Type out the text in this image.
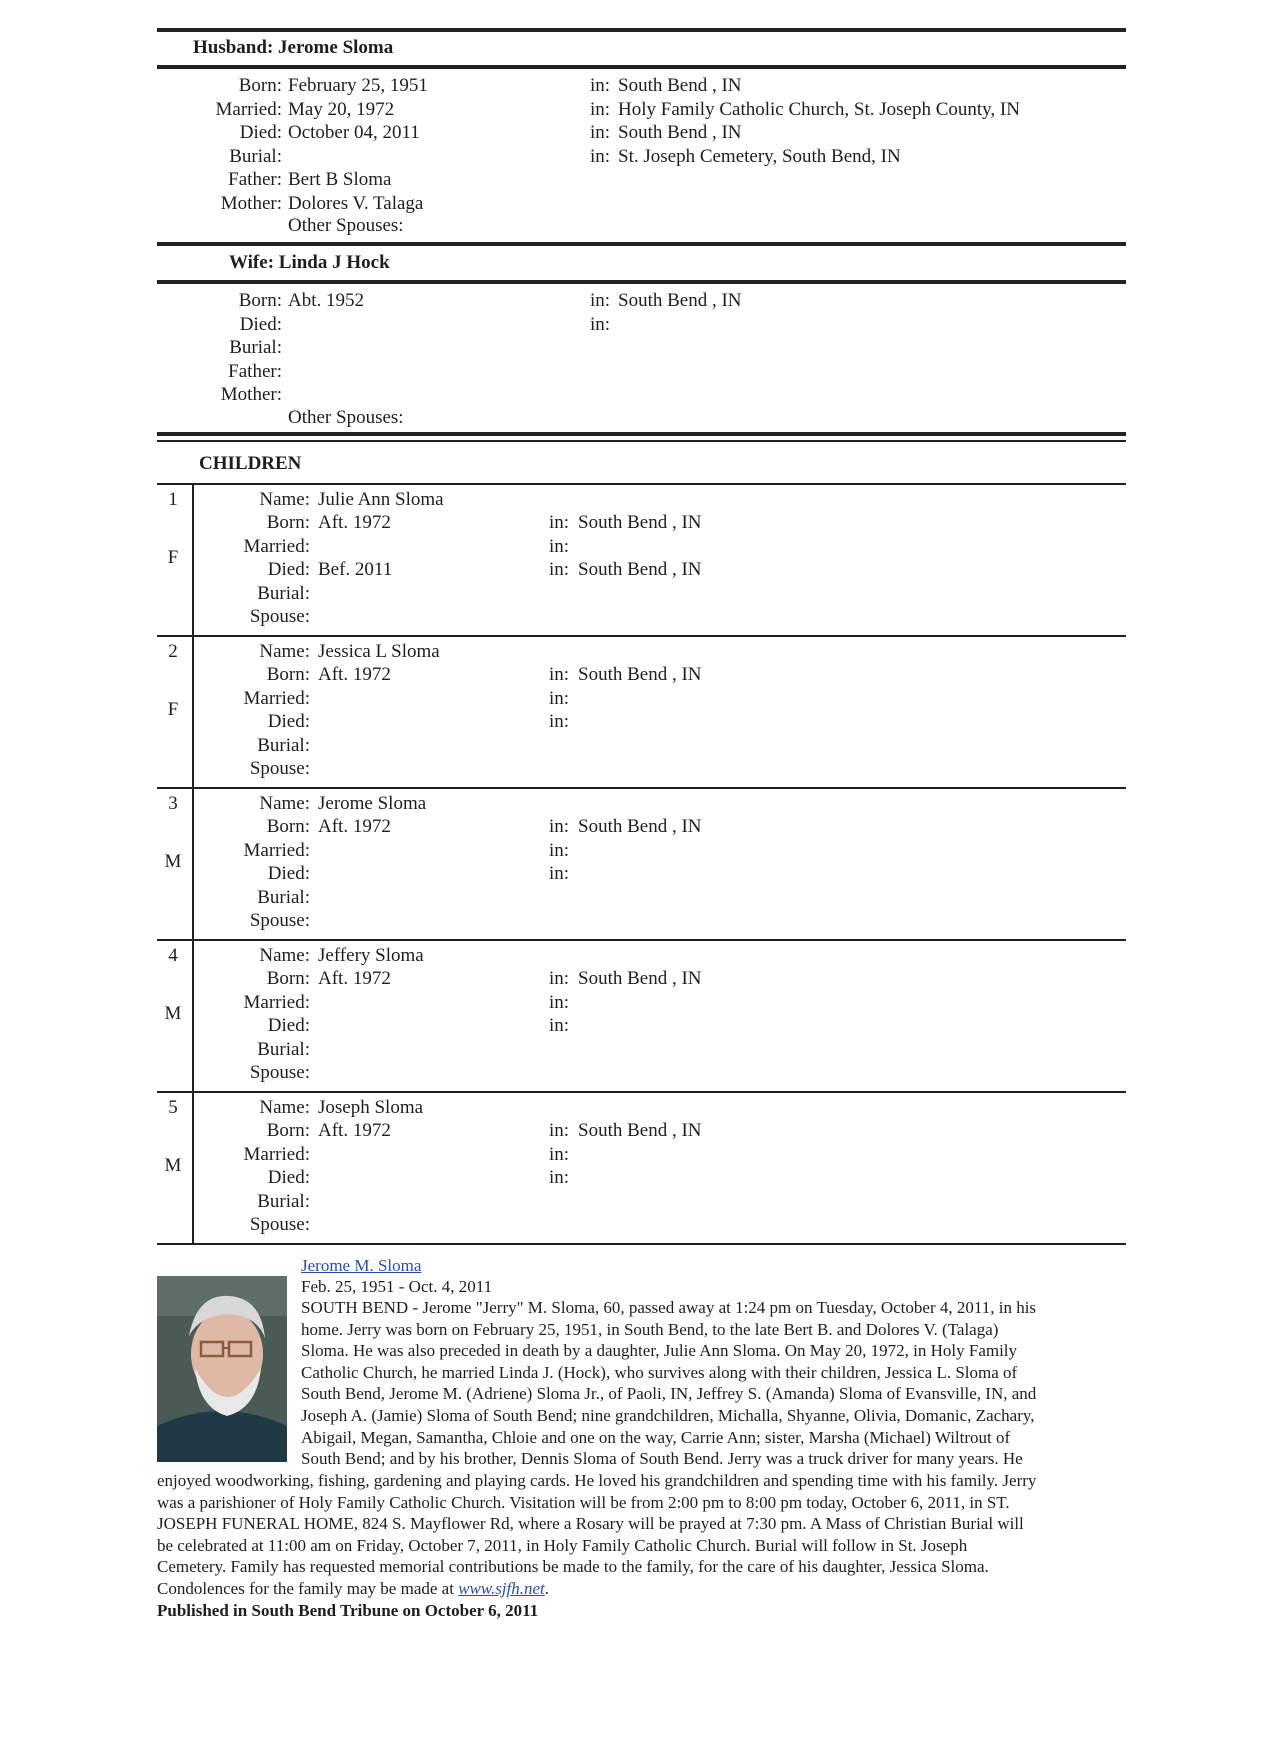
Husband: Jerome Sloma
Born: February 25, 1951	in: South Bend , IN
Married: May 20, 1972	in: Holy Family Catholic Church, St. Joseph County, IN
Died: October 04, 2011	in: South Bend , IN
Burial:	in: St. Joseph Cemetery, South Bend, IN
Father: Bert B Sloma
Mother: Dolores V. Talaga
Other Spouses:
Wife: Linda J Hock
Born: Abt. 1952	in: South Bend , IN
Died:	in:
Burial:
Father:
Mother:
Other Spouses:
CHILDREN
1
F
Name: Julie Ann Sloma
Born: Aft. 1972	in: South Bend , IN
Married:	in:
Died: Bef. 2011	in: South Bend , IN
Burial:
Spouse:
2
F
Name: Jessica L Sloma
Born: Aft. 1972	in: South Bend , IN
Married:	in:
Died:	in:
Burial:
Spouse:
3
M
Name: Jerome Sloma
Born: Aft. 1972	in: South Bend , IN
Married:	in:
Died:	in:
Burial:
Spouse:
4
M
Name: Jeffery Sloma
Born: Aft. 1972	in: South Bend , IN
Married:	in:
Died:	in:
Burial:
Spouse:
5
M
Name: Joseph Sloma
Born: Aft. 1972	in: South Bend , IN
Married:	in:
Died:	in:
Burial:
Spouse:
Jerome M. Sloma
Feb. 25, 1951 - Oct. 4, 2011
SOUTH BEND - Jerome "Jerry" M. Sloma, 60, passed away at 1:24 pm on Tuesday, October 4, 2011, in his
home. Jerry was born on February 25, 1951, in South Bend, to the late Bert B. and Dolores V. (Talaga)
Sloma. He was also preceded in death by a daughter, Julie Ann Sloma. On May 20, 1972, in Holy Family
Catholic Church, he married Linda J. (Hock), who survives along with their children, Jessica L. Sloma of
South Bend, Jerome M. (Adriene) Sloma Jr., of Paoli, IN, Jeffrey S. (Amanda) Sloma of Evansville, IN, and
Joseph A. (Jamie) Sloma of South Bend; nine grandchildren, Michalla, Shyanne, Olivia, Domanic, Zachary,
Abigail, Megan, Samantha, Chloie and one on the way, Carrie Ann; sister, Marsha (Michael) Wiltrout of
South Bend; and by his brother, Dennis Sloma of South Bend. Jerry was a truck driver for many years. He
enjoyed woodworking, fishing, gardening and playing cards. He loved his grandchildren and spending time with his family. Jerry
was a parishioner of Holy Family Catholic Church. Visitation will be from 2:00 pm to 8:00 pm today, October 6, 2011, in ST.
JOSEPH FUNERAL HOME, 824 S. Mayflower Rd, where a Rosary will be prayed at 7:30 pm. A Mass of Christian Burial will
be celebrated at 11:00 am on Friday, October 7, 2011, in Holy Family Catholic Church. Burial will follow in St. Joseph
Cemetery. Family has requested memorial contributions be made to the family, for the care of his daughter, Jessica Sloma.
Condolences for the family may be made at www.sjfh.net.
Published in South Bend Tribune on October 6, 2011
